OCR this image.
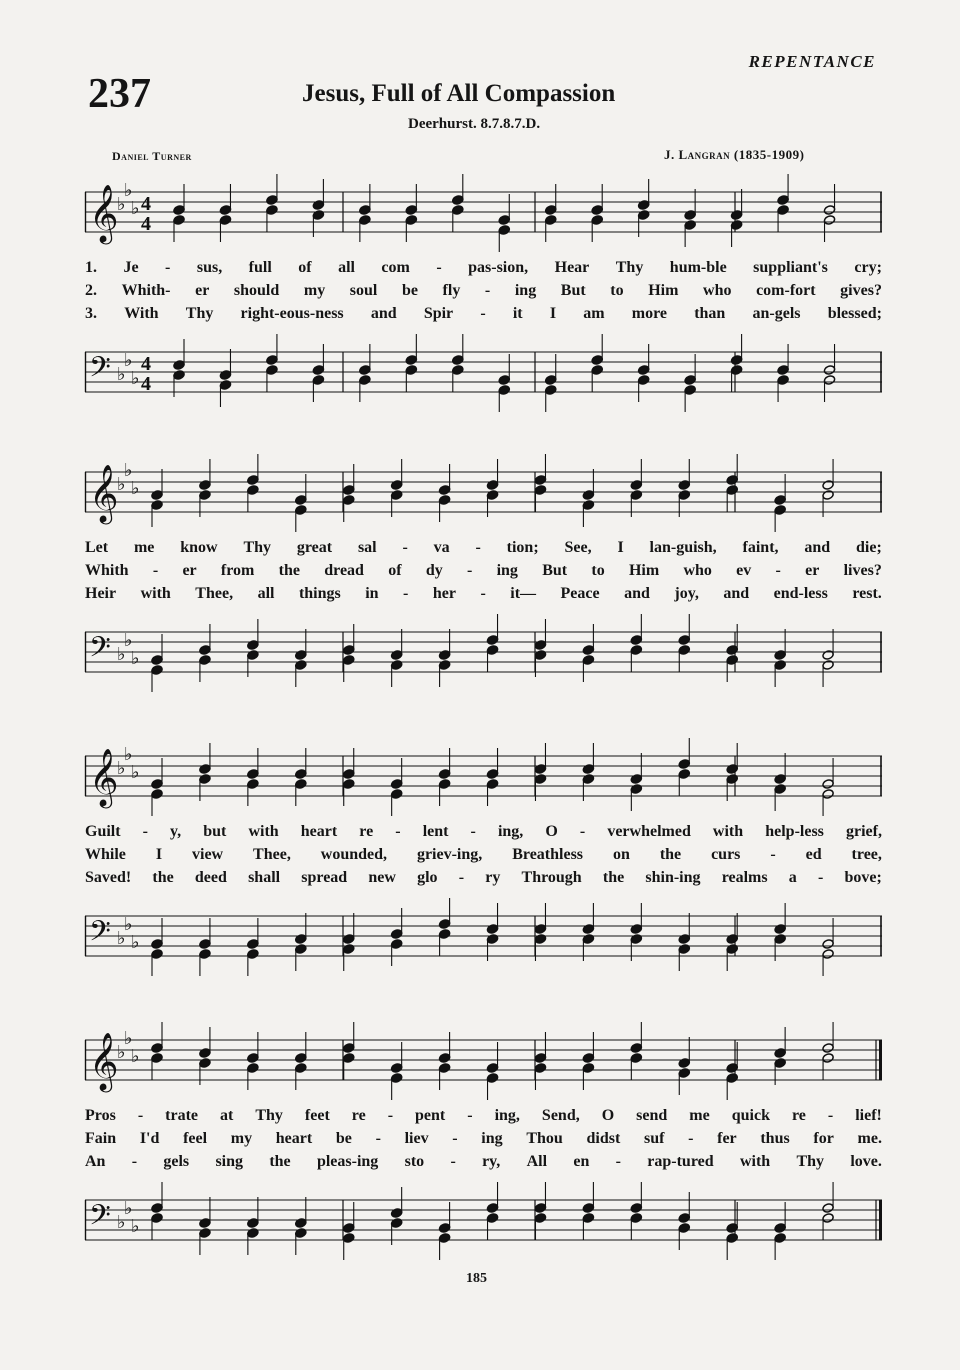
REPENTANCE
237	Jesus, Full of All Compassion
Deerhurst. 8.7.8.7.D.
Daniel Turner	J. Langran (1835-1909)
𝄞
♭
♭
♭ 4
4
1. Je - sus, full of all com - pas-sion, Hear Thy hum-ble suppliant's cry;
2. Whith- er should my soul be fly - ing But to Him who com-fort gives?
3. With Thy right-eous-ness and Spir - it I am more than an-gels blessed;
𝄢 ♭
♭
♭
4
4
𝄞
♭
♭
♭
Let me know Thy great sal - va - tion; See, I lan-guish, faint, and die;
Whith - er from the dread of dy - ing But to Him who ev - er lives?
Heir with Thee, all things in - her - it— Peace and joy, and end-less rest.
𝄢 ♭
♭
♭
𝄞
♭
♭
♭
Guilt - y, but with heart re - lent - ing, O - verwhelmed with help-less grief,
While I view Thee, wounded, griev-ing, Breathless on the curs - ed tree,
Saved! the deed shall spread new glo - ry Through the shin-ing realms a - bove;
𝄢 ♭
♭
♭
𝄞
♭
♭
♭
Pros - trate at Thy feet re - pent - ing, Send, O send me quick re - lief!
Fain I'd feel my heart be - liev - ing Thou didst suf - fer thus for me.
An - gels sing the pleas-ing sto - ry, All en - rap-tured with Thy love.
𝄢 ♭
♭
♭
185
